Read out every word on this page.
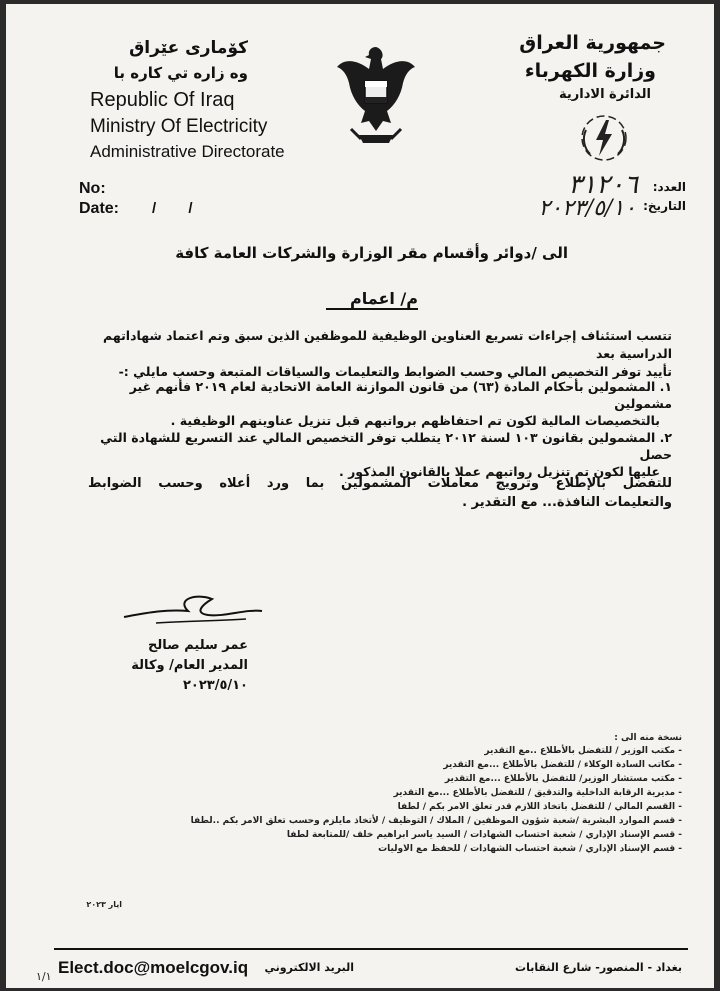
كۆمارى عێراق
وه زاره تي كاره با
Republic Of Iraq
Ministry Of Electricity
Administrative Directorate
جمهورية العراق
وزارة الكهرباء
الدائرة الادارية
No:
Date: / /
العدد:
التاريخ:
٣١٢٠٦
٢٠٢٣/٥/١٠
الى /دوائر وأقسام مقر الوزارة والشركات العامة كافة
م/ اعمام
تتسب استئناف إجراءات تسريع العناوين الوظيفية للموظفين الذين سبق وتم اعتماد شهاداتهم الدراسية بعد
تأييد توفر التخصيص المالي وحسب الضوابط والتعليمات والسياقات المتبعة وحسب مايلي :-
١. المشمولين بأحكام المادة (٦٣) من قانون الموازنة العامة الاتحادية لعام ٢٠١٩ فأنهم غير مشمولين
بالتخصيصات المالية لكون تم احتفاظهم برواتبهم قبل تنزيل عناوينهم الوظيفية .
٢. المشمولين بقانون ١٠٣ لسنة ٢٠١٢ يتطلب توفر التخصيص المالي عند التسريع للشهادة التي حصل
عليها لكون تم تنزيل رواتبهم عملا بالقانون المذكور .
للتفضل بالإطلاع وترويج معاملات المشمولين بما ورد أعلاه وحسب الضوابط
والتعليمات النافذة... مع التقدير .
عمر سليم صالح
المدير العام/ وكالة
٢٠٢٣/٥/١٠
نسخة منه الى :
- مكتب الوزير / للتفضل بالأطلاع ..مع التقدير
- مكاتب السادة الوكلاء / للتفضل بالأطلاع ...مع التقدير
- مكتب مستشار الوزير/ للتفضل بالأطلاع ...مع التقدير
- مديرية الرقابة الداخلية والتدقيق / للتفضل بالأطلاع ...مع التقدير
- القسم المالي / للتفضل باتخاذ اللازم قدر تعلق الامر بكم / لطفا
- قسم الموارد البشرية /شعبة شؤون الموظفين / الملاك / التوظيف / لأتخاذ مايلزم وحسب تعلق الامر بكم ..لطفا
- قسم الإسناد الإداري / شعبة احتساب الشهادات / السيد ياسر ابراهيم خلف /للمتابعة لطفا
- قسم الإسناد الإداري / شعبة احتساب الشهادات / للحفظ مع الاوليات
ايار ٢٠٢٣
Elect.doc@moelcgov.iq	البريد الالكتروني	بغداد - المنصور- شارع النقابات
١/١
